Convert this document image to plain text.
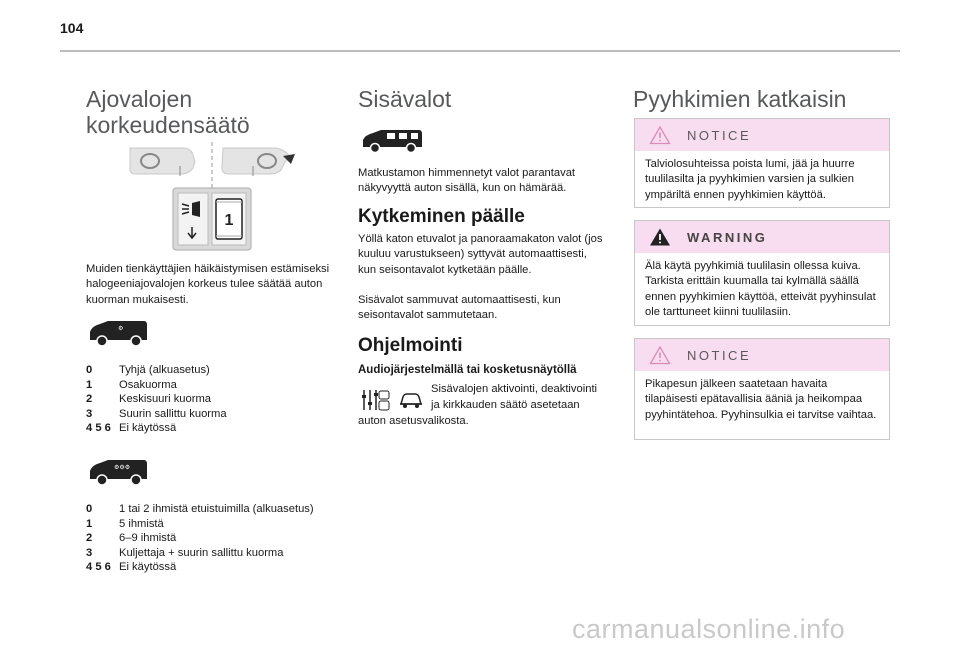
104
Ajovalojen
korkeudensäätö
1
Muiden tienkäyttäjien häikäistymisen estämiseksi halogeeniajovalojen korkeus tulee säätää auton kuorman mukaisesti.
⚙
0	Tyhjä (alkuasetus)
1	Osakuorma
2	Keskisuuri kuorma
3	Suurin sallittu kuorma
4 5 6 Ei käytössä
⚙⚙⚙
0	1 tai 2 ihmistä etuistuimilla (alkuasetus)
1	5 ihmistä
2	6–9 ihmistä
3	Kuljettaja + suurin sallittu kuorma
4 5 6 Ei käytössä
Sisävalot
Matkustamon himmennetyt valot parantavat näkyvyyttä auton sisällä, kun on hämärää.
Kytkeminen päälle
Yöllä katon etuvalot ja panoraamakaton valot (jos kuuluu varustukseen) syttyvät automaattisesti, kun seisontavalot kytketään päälle.
Sisävalot sammuvat automaattisesti, kun seisontavalot sammutetaan.
Ohjelmointi
Audiojärjestelmällä tai kosketusnäytöllä
Sisävalojen aktivointi, deaktivointi
ja kirkkauden säätö asetetaan
auton asetusvalikosta.
Pyyhkimien katkaisin
NOTICE
Talviolosuhteissa poista lumi, jää ja huurre tuulilasilta ja pyyhkimien varsien ja sulkien ympäriltä ennen pyyhkimien käyttöä.
WARNING
Älä käytä pyyhkimiä tuulilasin ollessa kuiva. Tarkista erittäin kuumalla tai kylmällä säällä ennen pyyhkimien käyttöä, etteivät pyyhinsulat ole tarttuneet kiinni tuulilasiin.
NOTICE
Pikapesun jälkeen saatetaan havaita tilapäisesti epätavallisia ääniä ja heikompaa pyyhintätehoa. Pyyhinsulkia ei tarvitse vaihtaa.
carmanualsonline.info
